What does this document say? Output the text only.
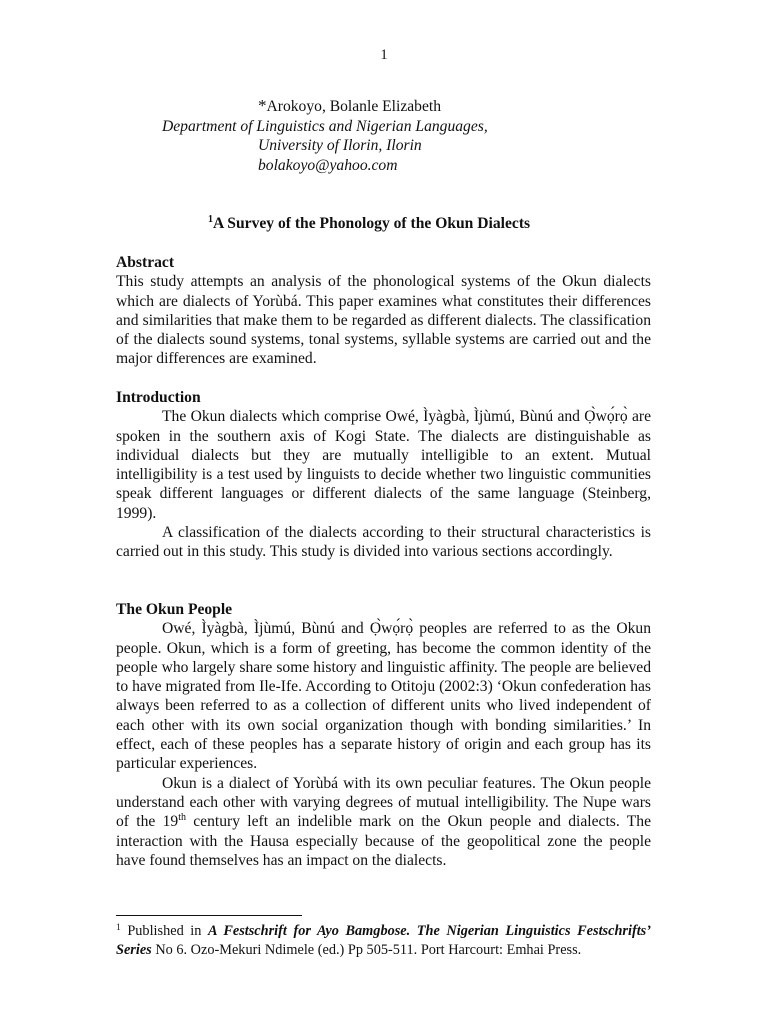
1
*Arokoyo, Bolanle Elizabeth
Department of Linguistics and Nigerian Languages,
University of Ilorin, Ilorin
bolakoyo@yahoo.com
$^1$A Survey of the Phonology of the Okun Dialects
Abstract

This study attempts an analysis of the phonological systems of the Okun dialects which are dialects of Yorùbá. This paper examines what constitutes their differences and similarities that make them to be regarded as different dialects. The classification of the dialects sound systems, tonal systems, syllable systems are carried out and the major differences are examined.

Introduction

The Okun dialects which comprise Owé, Ìyàgbà, Ìjùmú, Bùnú and Ọ̀wọ́rọ̀ are spoken in the southern axis of Kogi State. The dialects are distinguishable as individual dialects but they are mutually intelligible to an extent. Mutual intelligibility is a test used by linguists to decide whether two linguistic communities speak different languages or different dialects of the same language (Steinberg, 1999).

A classification of the dialects according to their structural characteristics is carried out in this study. This study is divided into various sections accordingly.

The Okun People

Owé, Ìyàgbà, Ìjùmú, Bùnú and Ọ̀wọ́rọ̀ peoples are referred to as the Okun people. Okun, which is a form of greeting, has become the common identity of the people who largely share some history and linguistic affinity. The people are believed to have migrated from Ile-Ife. According to Otitoju (2002:3) ‘Okun confederation has always been referred to as a collection of different units who lived independent of each other with its own social organization though with bonding similarities.’ In effect, each of these peoples has a separate history of origin and each group has its particular experiences.

Okun is a dialect of Yorùbá with its own peculiar features. The Okun people understand each other with varying degrees of mutual intelligibility. The Nupe wars of the 19th century left an indelible mark on the Okun people and dialects. The interaction with the Hausa especially because of the geopolitical zone the people have found themselves has an impact on the dialects.

$^1$ Published in A Festschrift for Ayo Bamgbose. The Nigerian Linguistics Festschrifts’ Series No 6. Ozo-Mekuri Ndimele (ed.) Pp 505-511. Port Harcourt: Emhai Press.
